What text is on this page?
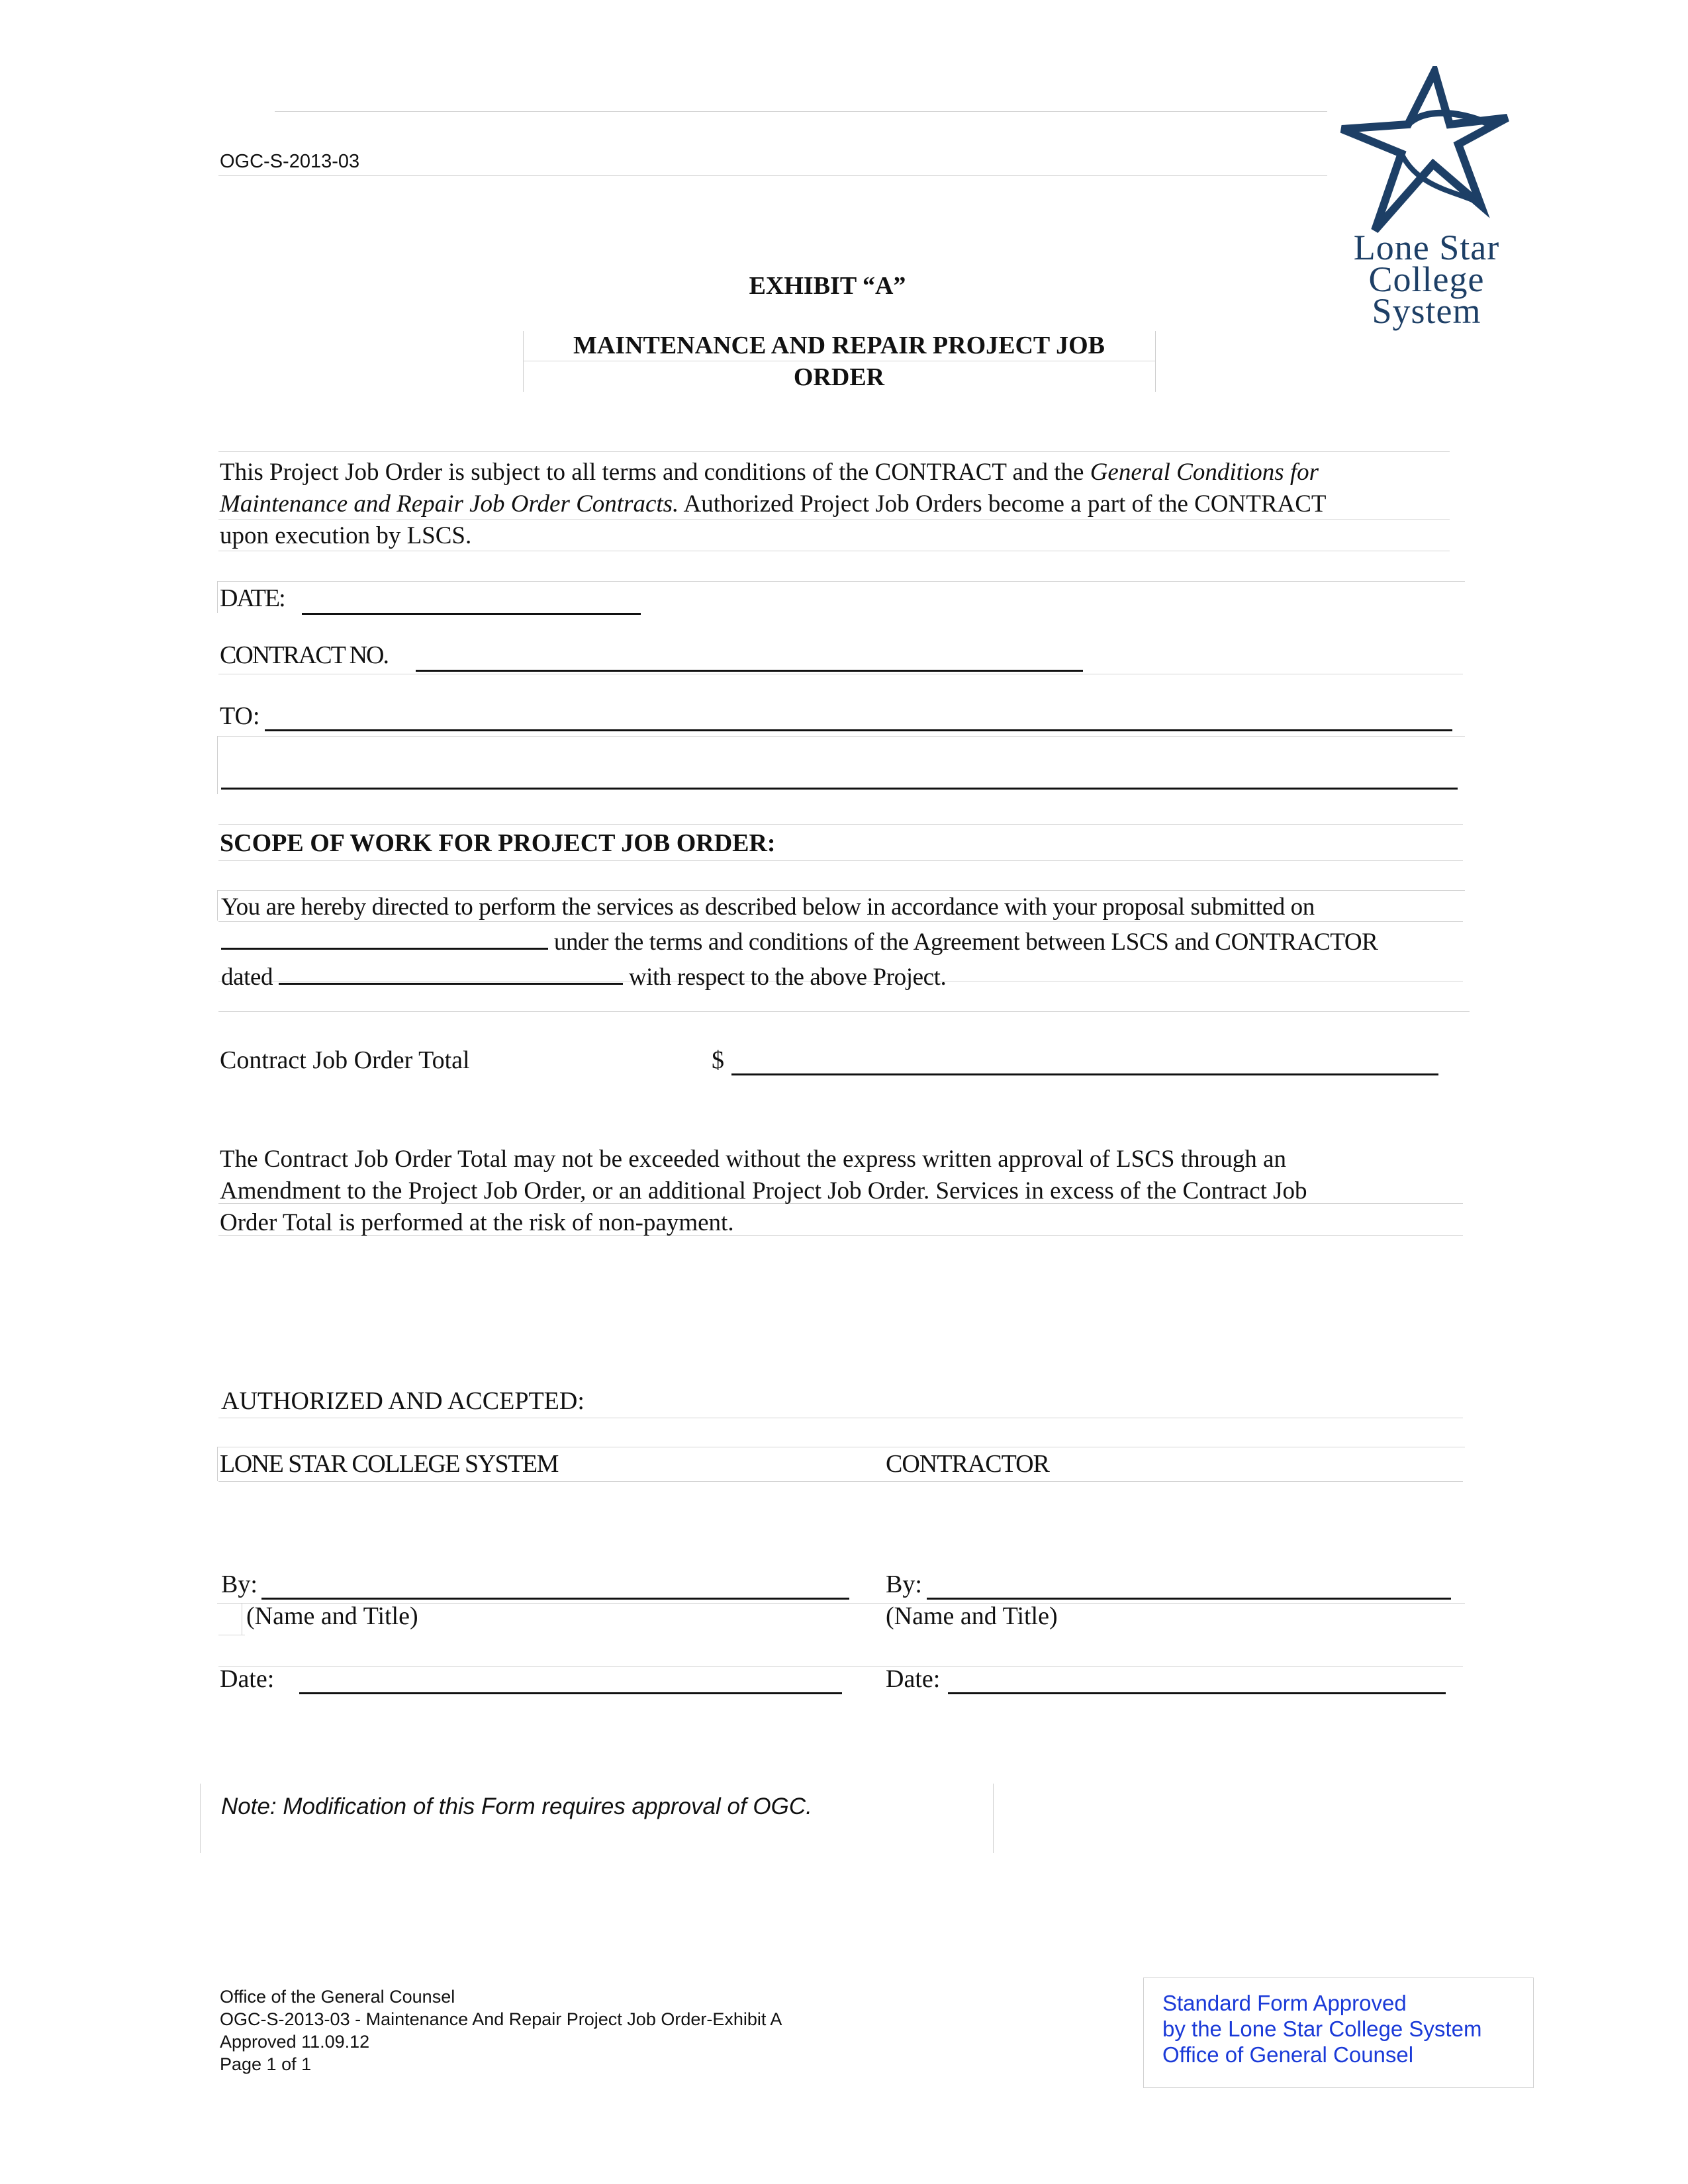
OGC-S-2013-03
Lone Star
College
System
EXHIBIT “A”
MAINTENANCE AND REPAIR PROJECT JOB
ORDER
This Project Job Order is subject to all terms and conditions of the CONTRACT and the General Conditions for
Maintenance and Repair Job Order Contracts. Authorized Project Job Orders become a part of the CONTRACT
upon execution by LSCS.
DATE:
CONTRACT NO.
TO:
SCOPE OF WORK FOR PROJECT JOB ORDER:
You are hereby directed to perform the services as described below in accordance with your proposal submitted on
under the terms and conditions of the Agreement between LSCS and CONTRACTOR
dated	with respect to the above Project.
Contract Job Order Total	$
The Contract Job Order Total may not be exceeded without the express written approval of LSCS through an
Amendment to the Project Job Order, or an additional Project Job Order. Services in excess of the Contract Job
Order Total is performed at the risk of non-payment.
AUTHORIZED AND ACCEPTED:
LONE STAR COLLEGE SYSTEM	CONTRACTOR
By:	By:
(Name and Title)	(Name and Title)
Date:	Date:
Note: Modification of this Form requires approval of OGC.
Office of the General Counsel
OGC-S-2013-03 - Maintenance And Repair Project Job Order-Exhibit A
Approved 11.09.12
Page 1 of 1
Standard Form Approved
by the Lone Star College System
Office of General Counsel
